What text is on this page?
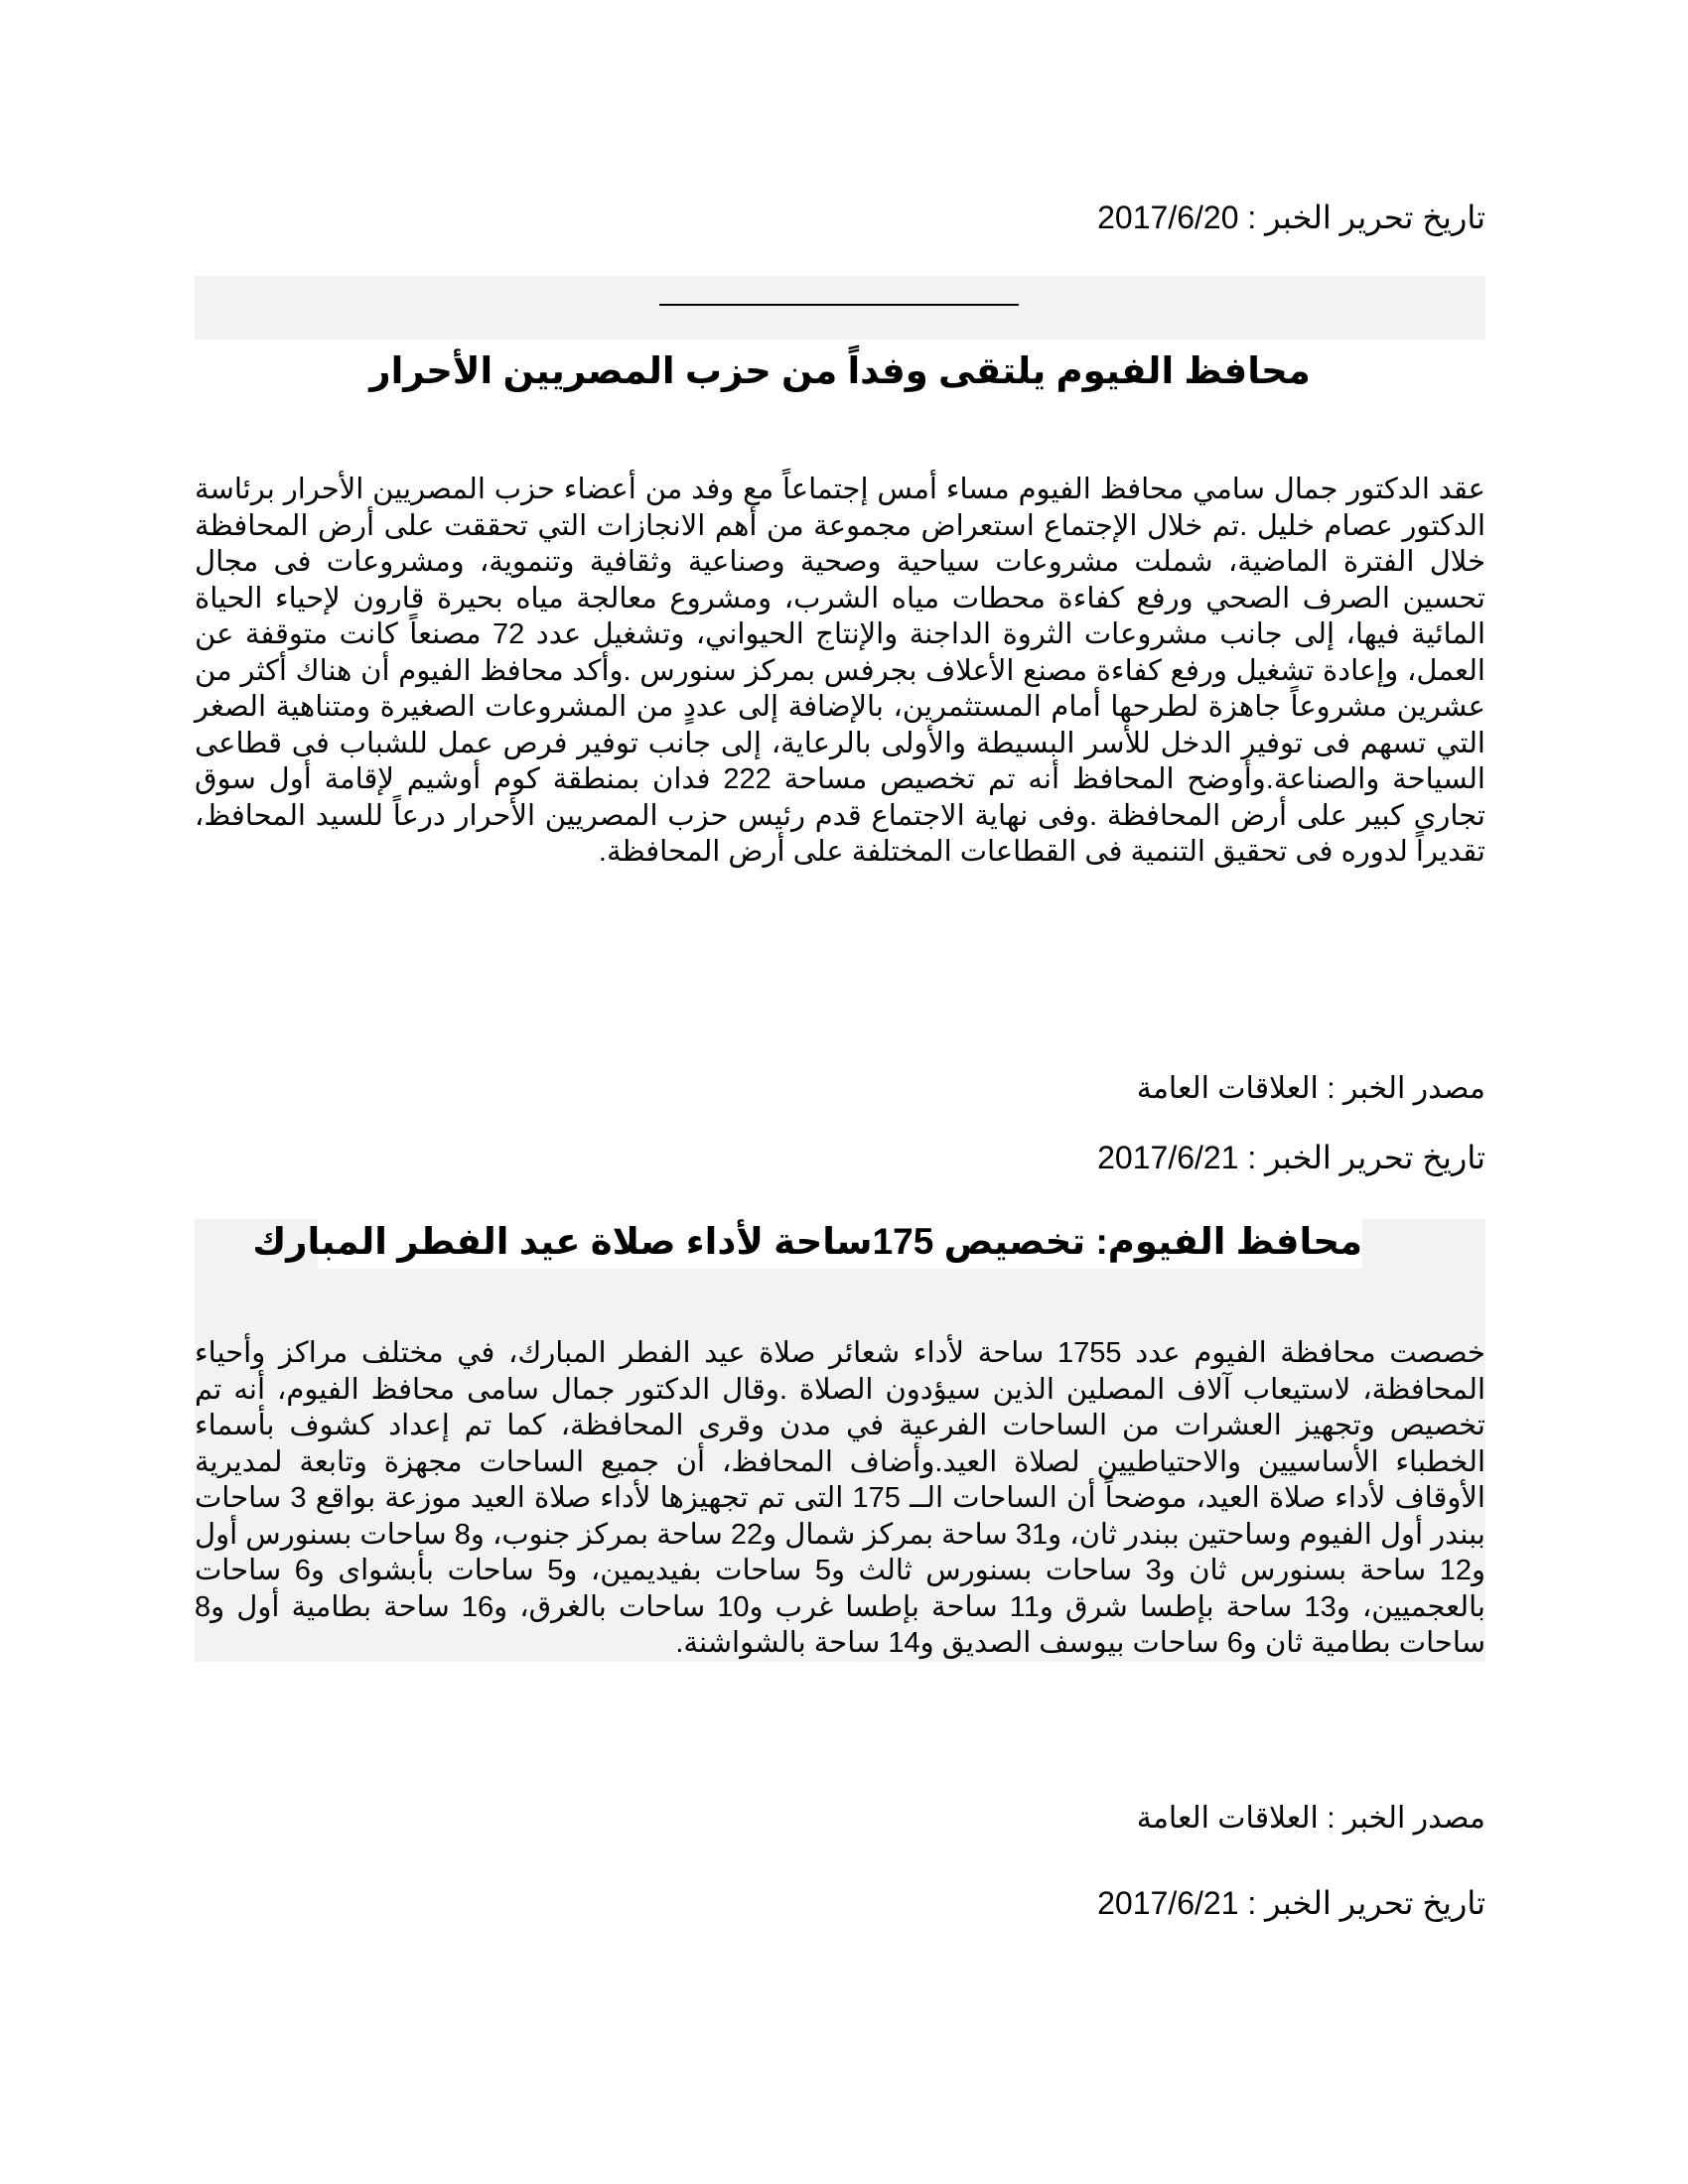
تاريخ تحرير الخبر : 2017/6/20
محافظ الفيوم يلتقى وفداً من حزب المصريين الأحرار

عقد الدكتور جمال سامي محافظ الفيوم مساء أمس إجتماعاً مع وفد من أعضاء حزب المصريين الأحرار برئاسة الدكتور عصام خليل .تم خلال الإجتماع استعراض مجموعة من أهم الانجازات التي تحققت على أرض المحافظة خلال الفترة الماضية، شملت مشروعات سياحية وصحية وصناعية وثقافية وتنموية، ومشروعات فى مجال تحسين الصرف الصحي ورفع كفاءة محطات مياه الشرب، ومشروع معالجة مياه بحيرة قارون لإحياء الحياة المائية فيها، إلى جانب مشروعات الثروة الداجنة والإنتاج الحيواني، وتشغيل عدد 72 مصنعاً كانت متوقفة عن العمل، وإعادة تشغيل ورفع كفاءة مصنع الأعلاف بجرفس بمركز سنورس .وأكد محافظ الفيوم أن هناك أكثر من عشرين مشروعاً جاهزة لطرحها أمام المستثمرين، بالإضافة إلى عددٍ من المشروعات الصغيرة ومتناهية الصغر التي تسهم فى توفير الدخل للأسر البسيطة والأولى بالرعاية، إلى جانب توفير فرص عمل للشباب فى قطاعى السياحة والصناعة.وأوضح المحافظ أنه تم تخصيص مساحة 222 فدان بمنطقة كوم أوشيم لإقامة أول سوق تجارى كبير على أرض المحافظة .وفى نهاية الاجتماع قدم رئيس حزب المصريين الأحرار درعاً للسيد المحافظ، تقديراً لدوره فى تحقيق التنمية فى القطاعات المختلفة على أرض المحافظة.

مصدر الخبر : العلاقات العامة
تاريخ تحرير الخبر : 2017/6/21
محافظ الفيوم: تخصيص 175ساحة لأداء صلاة عيد الفطر المبارك

خصصت محافظة الفيوم عدد 1755 ساحة لأداء شعائر صلاة عيد الفطر المبارك، في مختلف مراكز وأحياء المحافظة، لاستيعاب آلاف المصلين الذين سيؤدون الصلاة .وقال الدكتور جمال سامى محافظ الفيوم، أنه تم تخصيص وتجهيز العشرات من الساحات الفرعية في مدن وقرى المحافظة، كما تم إعداد كشوف بأسماء الخطباء الأساسيين والاحتياطيين لصلاة العيد.وأضاف المحافظ، أن جميع الساحات مجهزة وتابعة لمديرية الأوقاف لأداء صلاة العيد، موضحاً أن الساحات الــ 175 التى تم تجهيزها لأداء صلاة العيد موزعة بواقع 3 ساحات ببندر أول الفيوم وساحتين ببندر ثان، و31 ساحة بمركز شمال و22 ساحة بمركز جنوب، و8 ساحات بسنورس أول و12 ساحة بسنورس ثان و3 ساحات بسنورس ثالث و5 ساحات بفيديمين، و5 ساحات بأبشواى و6 ساحات بالعجميين، و13 ساحة بإطسا شرق و11 ساحة بإطسا غرب و10 ساحات بالغرق، و16 ساحة بطامية أول و8 ساحات بطامية ثان و6 ساحات بيوسف الصديق و14 ساحة بالشواشنة.

مصدر الخبر : العلاقات العامة
تاريخ تحرير الخبر : 2017/6/21
